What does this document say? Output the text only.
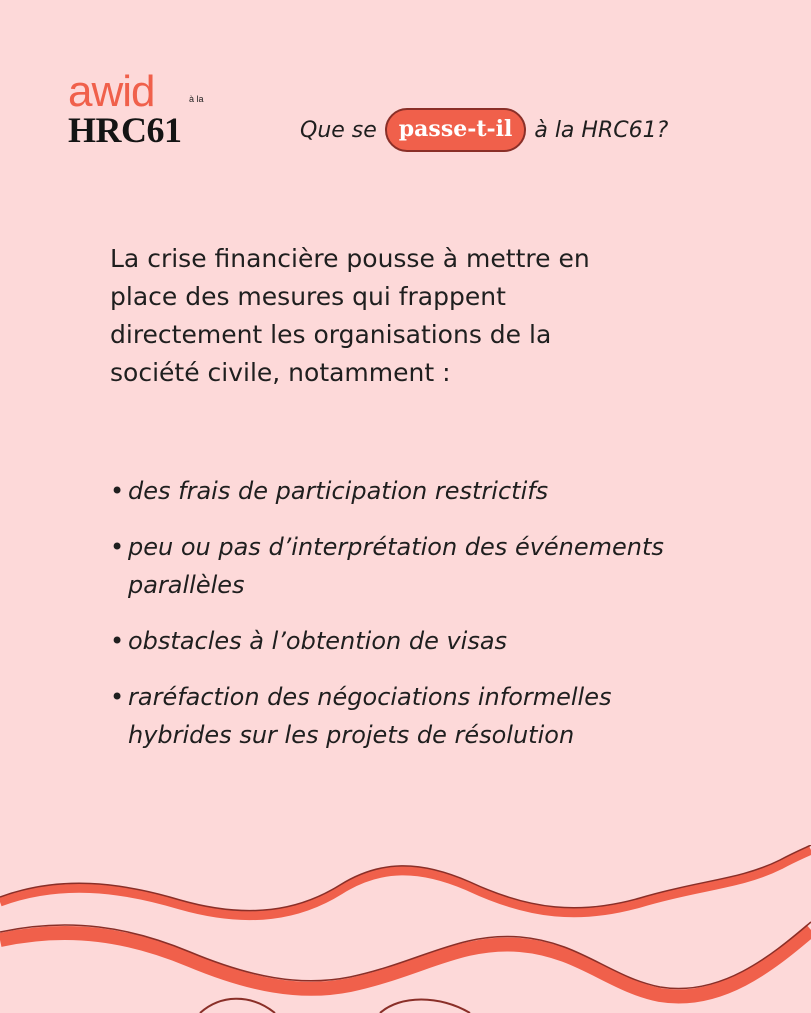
awid	à la
HRC61	Que se	passe-t-il	à la HRC61?

La crise financière pousse à mettre en place des mesures qui frappent directement les organisations de la société civile, notamment :

• des frais de participation restrictifs
• peu ou pas d’interprétation des événements parallèles
• obstacles à l’obtention de visas
• raréfaction des négociations informelles hybrides sur les projets de résolution
